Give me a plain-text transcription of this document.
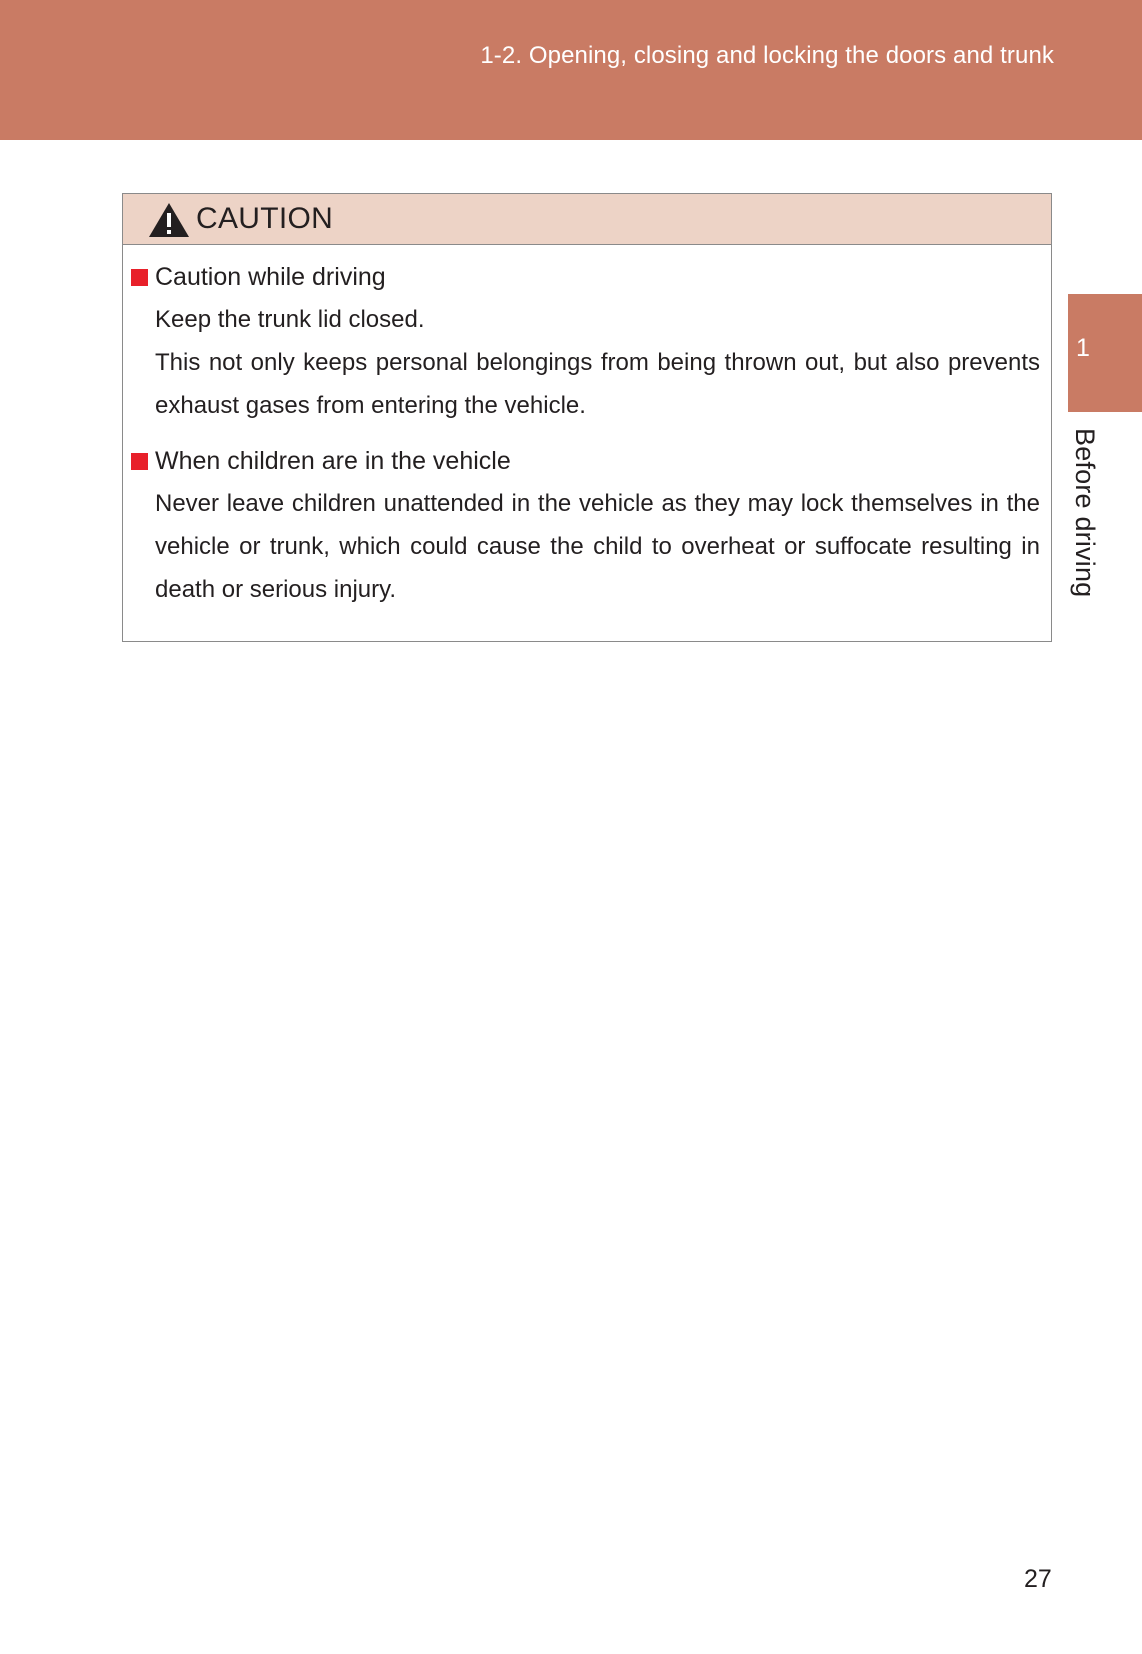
1-2. Opening, closing and locking the doors and trunk
CAUTION
Caution while driving
Keep the trunk lid closed.
This not only keeps personal belongings from being thrown out, but also prevents
exhaust gases from entering the vehicle.
When children are in the vehicle
Never leave children unattended in the vehicle as they may lock themselves in the
vehicle or trunk, which could cause the child to overheat or suffocate resulting in
death or serious injury.
1
Before driving
27
